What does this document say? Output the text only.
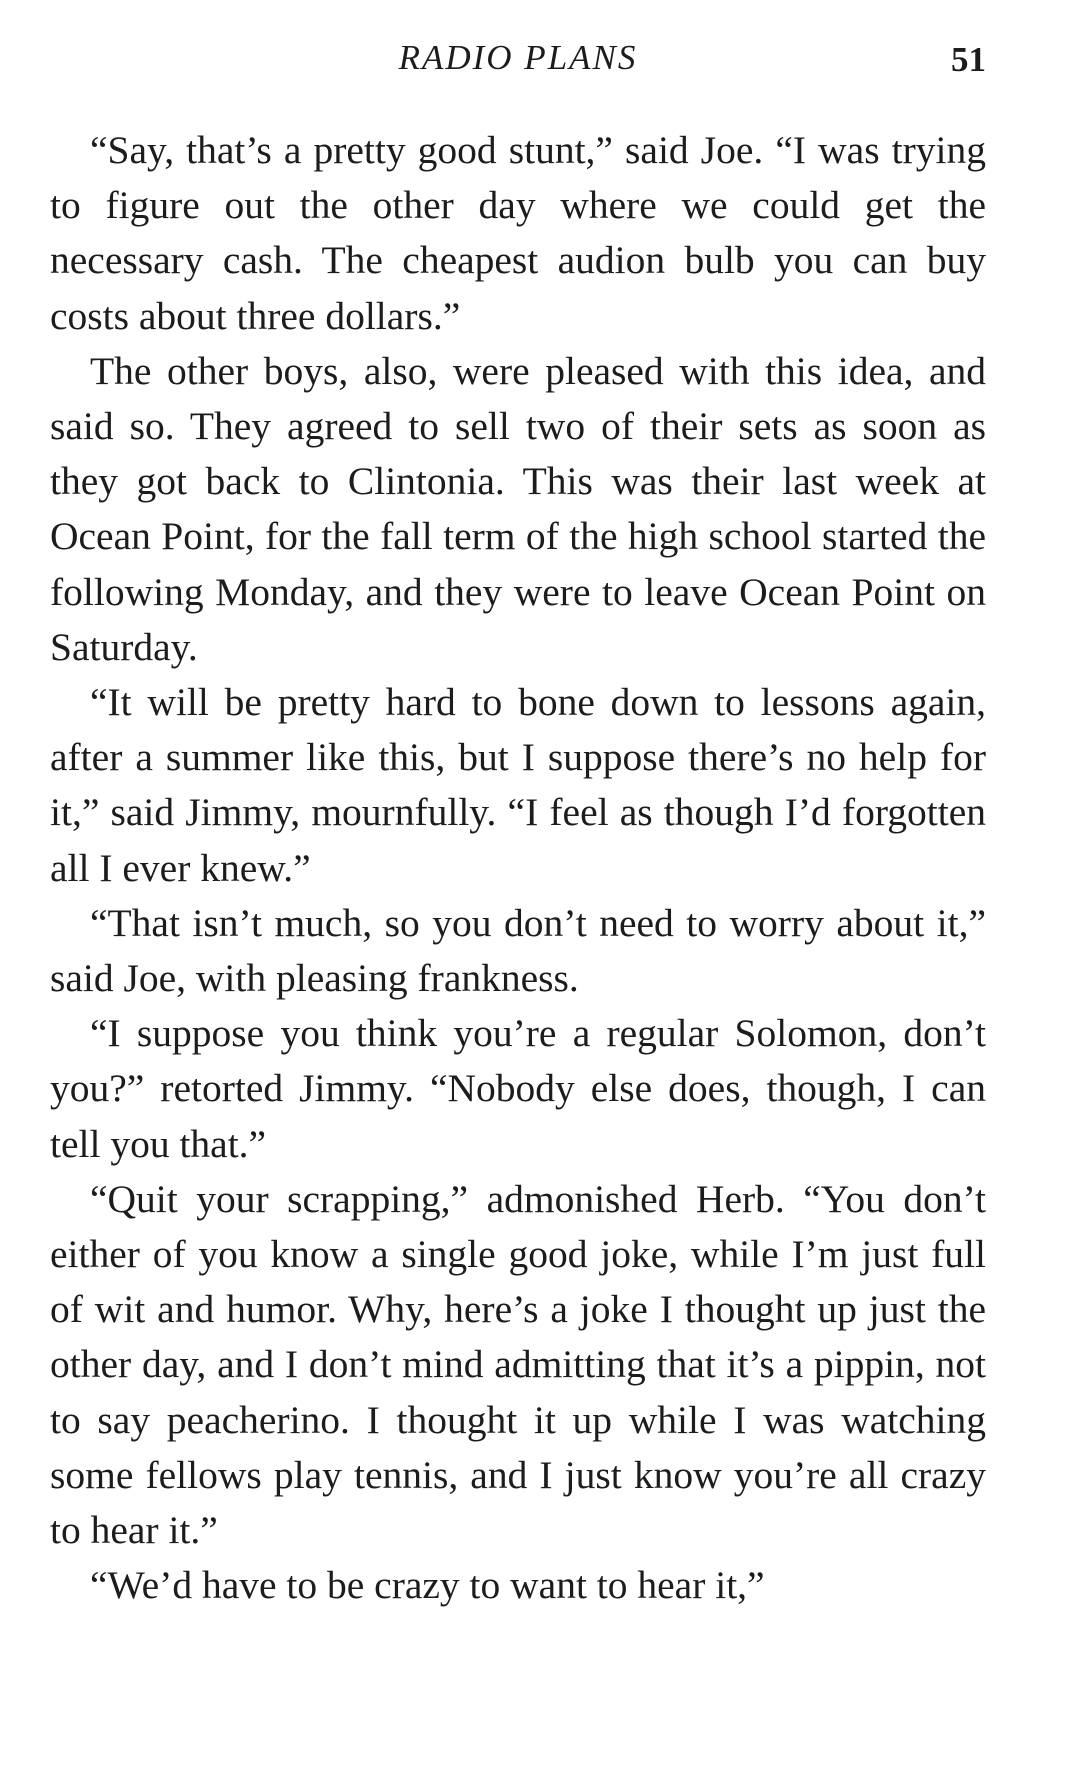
RADIO PLANS	51

“Say, that’s a pretty good stunt,” said Joe. “I was trying to figure out the other day where we could get the necessary cash. The cheapest audion bulb you can buy costs about three dollars.”

The other boys, also, were pleased with this idea, and said so. They agreed to sell two of their sets as soon as they got back to Clintonia. This was their last week at Ocean Point, for the fall term of the high school started the following Monday, and they were to leave Ocean Point on Saturday.

“It will be pretty hard to bone down to lessons again, after a summer like this, but I suppose there’s no help for it,” said Jimmy, mournfully. “I feel as though I’d forgotten all I ever knew.”

“That isn’t much, so you don’t need to worry about it,” said Joe, with pleasing frankness.

“I suppose you think you’re a regular Solomon, don’t you?” retorted Jimmy. “Nobody else does, though, I can tell you that.”

“Quit your scrapping,” admonished Herb. “You don’t either of you know a single good joke, while I’m just full of wit and humor. Why, here’s a joke I thought up just the other day, and I don’t mind admitting that it’s a pippin, not to say peacherino. I thought it up while I was watching some fellows play tennis, and I just know you’re all crazy to hear it.”

“We’d have to be crazy to want to hear it,”
